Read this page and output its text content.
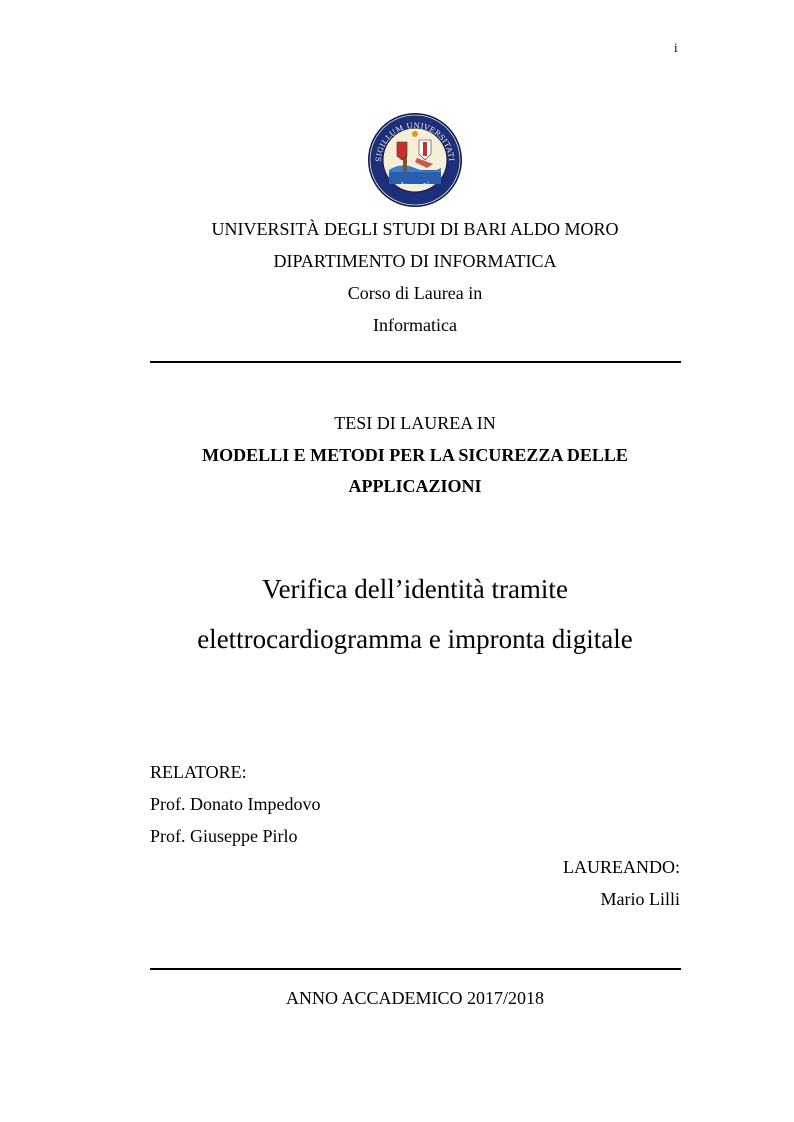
i
SIGILLUM UNIVERSITATI
MCMXXV
UNIVERSITÀ DEGLI STUDI DI BARI ALDO MORO
DIPARTIMENTO DI INFORMATICA
Corso di Laurea in
Informatica
TESI DI LAUREA IN
MODELLI E METODI PER LA SICUREZZA DELLE
APPLICAZIONI
Verifica dell’identità tramite
elettrocardiogramma e impronta digitale
RELATORE:
Prof. Donato Impedovo
Prof. Giuseppe Pirlo
LAUREANDO:
Mario Lilli
ANNO ACCADEMICO 2017/2018
